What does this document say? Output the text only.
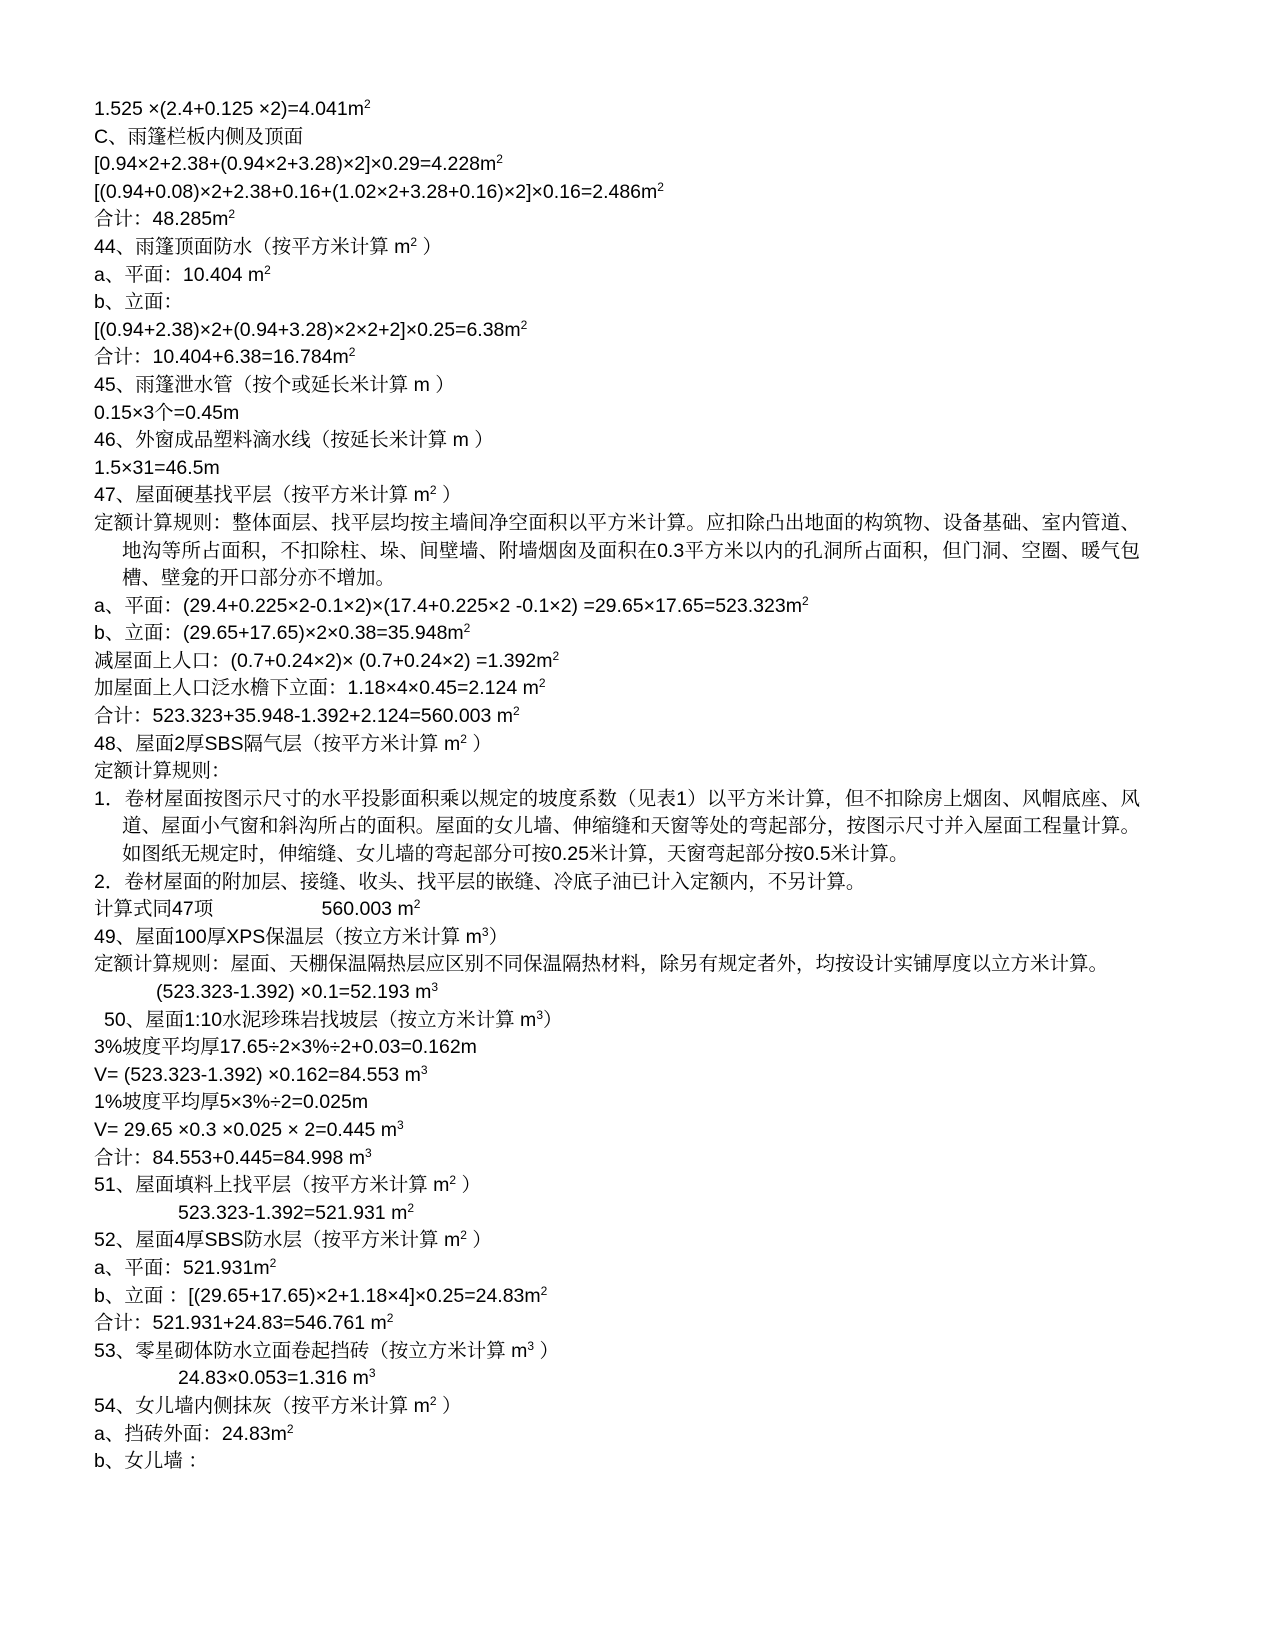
$1.525 \times(2.4+0.125 \times 2)=4.041m^2$
C、雨篷栏板内侧及顶面
$[0.94\times 2+2.38+(0.94\times 2+3.28)\times 2]\times 0.29=4.228m^2$
$[(0.94+0.08)\times 2+2.38+0.16+(1.02\times 2+3.28+0.16)\times 2]\times 0.16=2.486m^2$
合计：$48.285m^2$
44、雨篷顶面防水（按平方米计算 $m^2$ ）
a、平面：10.404 $m^2$
b、立面：
$[(0.94+2.38)\times 2+(0.94+3.28)\times 2\times 2+2]\times 0.25=6.38m^2$
合计：$10.404+6.38=16.784m^2$
45、雨篷泄水管（按个或延长米计算 m ）
0.15×3个=0.45m
46、外窗成品塑料滴水线（按延长米计算 m ）
1.5×31=46.5m
47、屋面硬基找平层（按平方米计算 $m^2$ ）
定额计算规则：整体面层、找平层均按主墙间净空面积以平方米计算。应扣除凸出地面的构筑物、设备基础、室内管道、地沟等所占面积，不扣除柱、垛、间壁墙、附墙烟囱及面积在0.3平方米以内的孔洞所占面积，但门洞、空圈、暖气包槽、壁龛的开口部分亦不增加。
a、平面：(29.4+0.225×2-0.1×2)×(17.4+0.225×2 $-0.1\times 2) =29.65\times 17.65=523.323m^2$
b、立面：$(29.65+17.65)\times 2\times 0.38=35.948m^2$
减屋面上人口：$(0.7+0.24\times 2)\times (0.7+0.24\times 2) =1.392m^2$
加屋面上人口泛水檐下立面：1.18×4×0.45=2.124 $m^2$
合计：523.323+35.948-1.392+2.124=560.003 $m^2$
48、屋面2厚SBS隔气层（按平方米计算 $m^2$ ）
定额计算规则：
1．卷材屋面按图示尺寸的水平投影面积乘以规定的坡度系数（见表1）以平方米计算，但不扣除房上烟囱、风帽底座、风道、屋面小气窗和斜沟所占的面积。屋面的女儿墙、伸缩缝和天窗等处的弯起部分，按图示尺寸并入屋面工程量计算。如图纸无规定时，伸缩缝、女儿墙的弯起部分可按0.25米计算，天窗弯起部分按0.5米计算。
2．卷材屋面的附加层、接缝、收头、找平层的嵌缝、冷底子油已计入定额内，不另计算。
计算式同47项                    560.003 $m^2$
49、屋面100厚XPS保温层（按立方米计算 $m^3$）
定额计算规则：屋面、天棚保温隔热层应区别不同保温隔热材料，除另有规定者外，均按设计实铺厚度以立方米计算。
(523.323-1.392) ×0.1=52.193 $m^3$
50、屋面1:10水泥珍珠岩找坡层（按立方米计算 $m^3$）
3%坡度平均厚17.65÷2×3%÷2+0.03=0.162m
V= (523.323-1.392) ×0.162=84.553 $m^3$
1%坡度平均厚5×3%÷2=0.025m
V= 29.65 ×0.3 ×0.025 × 2=0.445 $m^3$
合计：84.553+0.445=84.998 $m^3$
51、屋面填料上找平层（按平方米计算 $m^2$ ）
523.323-1.392=521.931 $m^2$
52、屋面4厚SBS防水层（按平方米计算 $m^2$ ）
a、平面：$521.931m^2$
b、立面 ：$[(29.65+17.65)\times 2+1.18\times 4]\times 0.25=24.83m^2$
合计：521.931+24.83=546.761 $m^2$
53、零星砌体防水立面卷起挡砖（按立方米计算 $m^3$ ）
24.83×0.053=1.316 $m^3$
54、女儿墙内侧抹灰（按平方米计算 $m^2$ ）
a、挡砖外面：$24.83m^2$
b、女儿墙 ：
